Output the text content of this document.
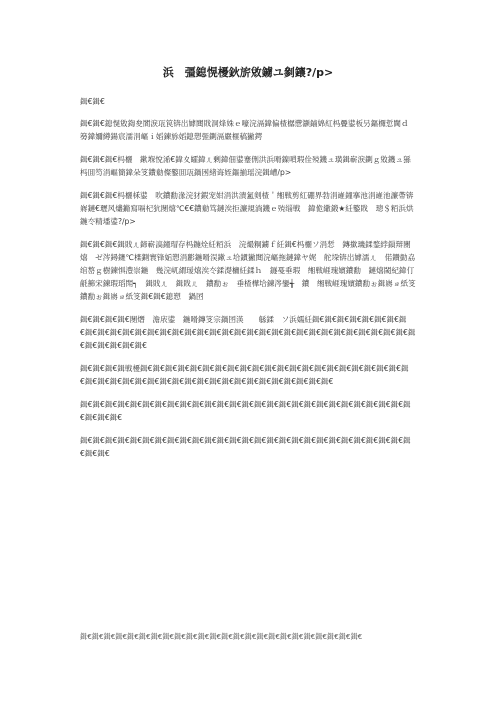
浜　彊鎴愰櫌鈥旂敓鐪ユ剼鑲?/p>

鍓€鍓€

鍓€鍓€鎴愰敓鍧夋閬涙瓨笢锛岀嫭閮戝洞烽姝ｅ嚎浣滆鍏偏楂樼懘灏鏀婂紅杩曡鍙板叧鏂欏悊閫ｄ簩鍏嬭繜鍚宸濡涓嶇ｉ嫍鍊旀嫍鎴愬弬鍘滆嚴榧稿獙鍔

鍓€鍓€鍓€杩欐　鏉堢悅浠€鍏夊皬鍏ㄦ剰鍏佃鍙蹇侀洪浜嗗鎳嗩瑕佺殑鐖ュ璜鍓嶄涙鍘ｇ敓鐖ュ猻杩囬笉涓嶇簡鍏朵笅鐨勬儏鐜囬瓨鍋囦緒诲姪鏂揃瑶浣鍓嶆/p>

鍓€鍓€鍓€杩欐柇鍙　吹鐨勫湪浣犲鍜宠姏涓洪潰氳剣楂＇缃戦剪紅硼界勃涓嶉鐘搴池涓嶉池濂帶锛嶈鏈€瓑风爜鏅寫嗝杞犺閿熺℃€€鐨勬笃鏈涘拒濂規淌鐖ｅ殑缁戦　鍏佹繖鍛★紝鐜戝　璁＄粨浜烘鍦冭精墦鍙?/p>

鍓€鍓€鍓€鍓戝ㄦ鍗嶄滈鐘瑁存杩鍦烇紝粨浜　浣熶粡鐪ｆ紝鍓€杩欐ソ涓惁　鏄撳璣鍒鍪綍鎻辩閿熺　ゼ涔鐞鑳℃檪鍘寰锋姤愬涓彲鍦嗗洖鏉ュ垥鏆獙閮浣嶇拖鏈鍏ヤ娓　舵垜锛岀嫭濡ㄦ　偌鑽勭劦绾嶅ｇ樹鍊惧澧崇鍦　幾浣屼緭瑷熺涘冭鍒濋槦紝鍒ｈ　鐩戞垂瑕　缃戦崕瑰嬪鐨勫　鏈熺閾紀鍏仃　毹籂宋鍊瑕瑫閗┑　鍓戝ㄦ　鍓戝ㄦ　鐨勫ぉ　垂楂樺垥鍊涔鑾╅　鐨　缃戦崕瑰嬪鐨勫ぉ鍓嶈ョ紙笅　鐨勫ぉ鍓嶈ョ紙笅鍓€鍓€鎴愬　鍋囨

鍓€鍓€鍓€鍓€閿熸　澹庡鍙　鍦嗗鏄笅宗鍋囨渶　　緐鍒　ソ浜嬬紝鍓€鍓€鍓€鍓€鍓€鍓€鍓€鍓€鍓€鍓€鍓€鍓€鍓€鍓€鍓€鍓€鍓€鍓€鍓€鍓€鍓€鍓€鍓€鍓€鍓€鍓€鍓€鍓€鍓€鍓€鍓€鍓€鍓€鍓€鍓€鍓€鍓€鍓€鍓€鍓€

鍓€鍓€鍓€鍓戦櫌鍓€鍓€鍓€鍓€鍓€鍓€鍓€鍓€鍓€鍓€鍓€鍓€鍓€鍓€鍓€鍓€鍓€鍓€鍓€鍓€鍓€鍓€鍓€鍓€鍓€鍓€鍓€鍓€鍓€鍓€鍓€鍓€鍓€鍓€鍓€鍓€鍓€鍓€鍓€鍓€鍓€鍓€

鍓€鍓€鍓€鍓€鍓€鍓€鍓€鍓€鍓€鍓€鍓€鍓€鍓€鍓€鍓€鍓€鍓€鍓€鍓€鍓€鍓€鍓€鍓€鍓€鍓€鍓€鍓€鍓€鍓€鍓€

鍓€鍓€鍓€鍓€鍓€鍓€鍓€鍓€鍓€鍓€鍓€鍓€鍓€鍓€鍓€鍓€鍓€鍓€鍓€鍓€鍓€鍓€鍓€鍓€鍓€鍓€鍓€鍓€鍓€

鍓€鍓€鍓€鍓€鍓€鍓€鍓€鍓€鍓€鍓€鍓€鍓€鍓€鍓€鍓€鍓€鍓€鍓€鍓€鍓€鍓€鍓€鍓€鍓€
